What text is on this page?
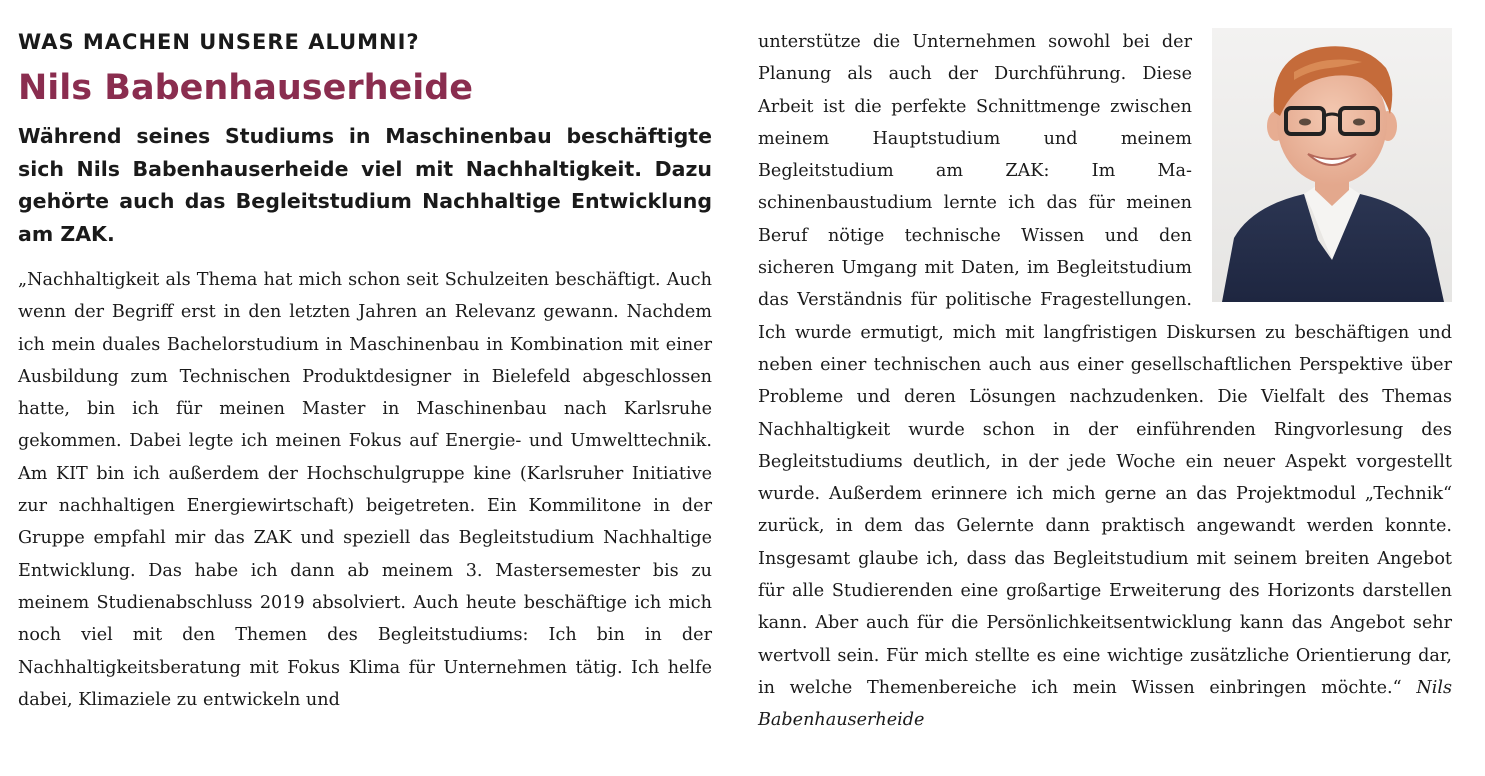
WAS MACHEN UNSERE ALUMNI?
Nils Babenhauserheide

Während seines Studiums in Maschinenbau beschäftigte sich Nils Babenhauserheide viel mit Nachhaltigkeit. Dazu gehörte auch das Begleitstudium Nachhaltige Entwicklung am ZAK.

„Nachhaltigkeit als Thema hat mich schon seit Schulzeiten beschäftigt. Auch wenn der Begriff erst in den letzten Jahren an Relevanz gewann. Nachdem ich mein duales Bachelorstudium in Maschinenbau in Kombination mit einer Ausbildung zum Technischen Produktdesigner in Bielefeld abgeschlossen hatte, bin ich für meinen Master in Maschinenbau nach Karlsruhe gekommen. Dabei legte ich meinen Fokus auf Energie- und Umwelttechnik. Am KIT bin ich außerdem der Hochschulgruppe kine (Karlsruher Initiative zur nachhaltigen Energiewirtschaft) beigetreten. Ein Kommilitone in der Gruppe empfahl mir das ZAK und speziell das Begleitstudium Nachhaltige Entwicklung. Das habe ich dann ab meinem 3. Mastersemester bis zu meinem Studienabschluss 2019 absolviert. Auch heute beschäftige ich mich noch viel mit den Themen des Begleitstudiums: Ich bin in der Nachhaltigkeitsberatung mit Fokus Klima für Unternehmen tätig. Ich helfe dabei, Klimaziele zu entwickeln und

unterstütze die Unternehmen sowohl bei der Planung als auch der Durchführung. Diese Arbeit ist die perfekte Schnittmenge zwischen meinem Hauptstudium und meinem Begleitstudium am ZAK: Im Maschinenbaustudium lernte ich das für meinen Beruf nötige technische Wissen und den sicheren Umgang mit Daten, im Begleitstudium das Verständnis für politische Fragestellungen. Ich wurde ermutigt, mich mit langfristigen Diskursen zu beschäftigen und neben einer technischen auch aus einer gesellschaftlichen Perspektive über Probleme und deren Lösungen nachzudenken. Die Vielfalt des Themas Nachhaltigkeit wurde schon in der einführenden Ringvorlesung des Begleitstudiums deutlich, in der jede Woche ein neuer Aspekt vorgestellt wurde. Außerdem erinnere ich mich gerne an das Projektmodul „Technik“ zurück, in dem das Gelernte dann praktisch angewandt werden konnte. Insgesamt glaube ich, dass das Begleitstudium mit seinem breiten Angebot für alle Studierenden eine großartige Erweiterung des Horizonts darstellen kann. Aber auch für die Persönlichkeitsentwicklung kann das Angebot sehr wertvoll sein. Für mich stellte es eine wichtige zusätzliche Orientierung dar, in welche Themenbereiche ich mein Wissen einbringen möchte.“ Nils Babenhauserheide
